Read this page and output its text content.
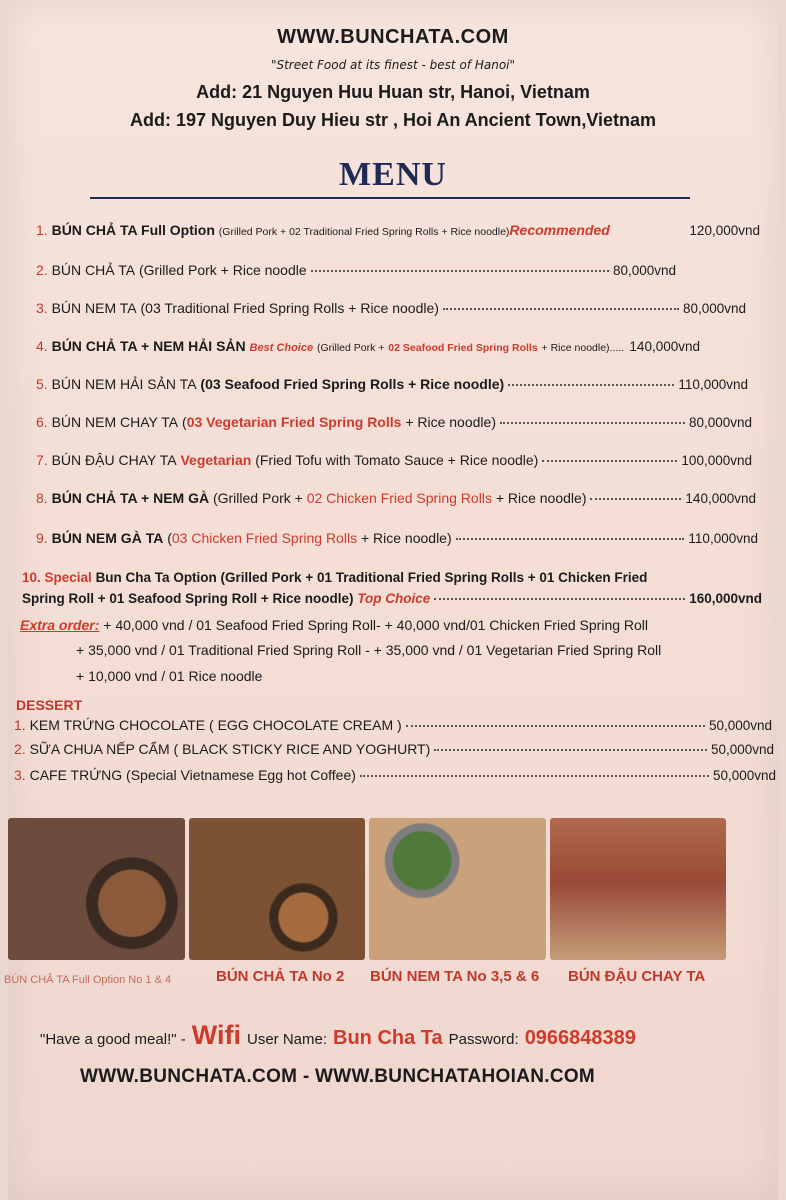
WWW.BUNCHATA.COM
"Street Food at its finest - best of Hanoi"
Add: 21 Nguyen Huu Huan str, Hanoi, Vietnam
Add: 197 Nguyen Duy Hieu str , Hoi An Ancient Town,Vietnam
MENU
1.
BÚN CHẢ TA Full Option
(Grilled Pork + 02 Traditional Fried Spring Rolls + Rice noodle) Recommended	120,000vnd
2.
BÚN CHẢ TA
(Grilled Pork + Rice noodle	80,000vnd
3.
BÚN NEM TA
(03 Traditional Fried Spring Rolls + Rice noodle)	80,000vnd
4.
BÚN CHẢ TA + NEM HẢI SẢN
Best Choice
(Grilled Pork +
02 Seafood Fried Spring Rolls
+ Rice noodle)..... 140,000vnd
5.
BÚN NEM HẢI SẢN TA
(03 Seafood Fried Spring Rolls + Rice noodle)	110,000vnd
6.
BÚN NEM CHAY TA
( 03 Vegetarian Fried Spring Rolls
+ Rice noodle)	80,000vnd
7.
BÚN ĐẬU CHAY TA
Vegetarian
(Fried Tofu with Tomato Sauce + Rice noodle)	100,000vnd
8.
BÚN CHẢ TA + NEM GÀ
(Grilled Pork +
02 Chicken Fried Spring Rolls
+ Rice noodle)	140,000vnd
9.
BÚN NEM GÀ TA
( 03 Chicken Fried Spring Rolls
+ Rice noodle)	110,000vnd
10. Special Bun Cha Ta Option (Grilled Pork + 01 Traditional Fried Spring Rolls + 01 Chicken Fried
Spring Roll + 01 Seafood Spring Roll + Rice noodle)
Top Choice	160,000vnd
Extra order: + 40,000 vnd / 01 Seafood Fried Spring Roll- + 40,000 vnd/01 Chicken Fried Spring Roll
+ 35,000 vnd / 01 Traditional Fried Spring Roll - + 35,000 vnd / 01 Vegetarian Fried Spring Roll
+ 10,000 vnd / 01 Rice noodle
DESSERT
1.
KEM TRỨNG CHOCOLATE ( EGG CHOCOLATE CREAM )	50,000vnd
2.
SỮA CHUA NẾP CẨM ( BLACK STICKY RICE AND YOGHURT)	50,000vnd
3.
CAFE TRỨNG (Special Vietnamese Egg hot Coffee)	50,000vnd
BÚN CHẢ TA Full Option No 1 & 4	BÚN CHẢ TA No 2 BÚN NEM TA No 3,5 & 6 BÚN ĐẬU CHAY TA
"Have a good meal!" - Wifi User Name: Bun Cha Ta Password: 0966848389
WWW.BUNCHATA.COM - WWW.BUNCHATAHOIAN.COM
